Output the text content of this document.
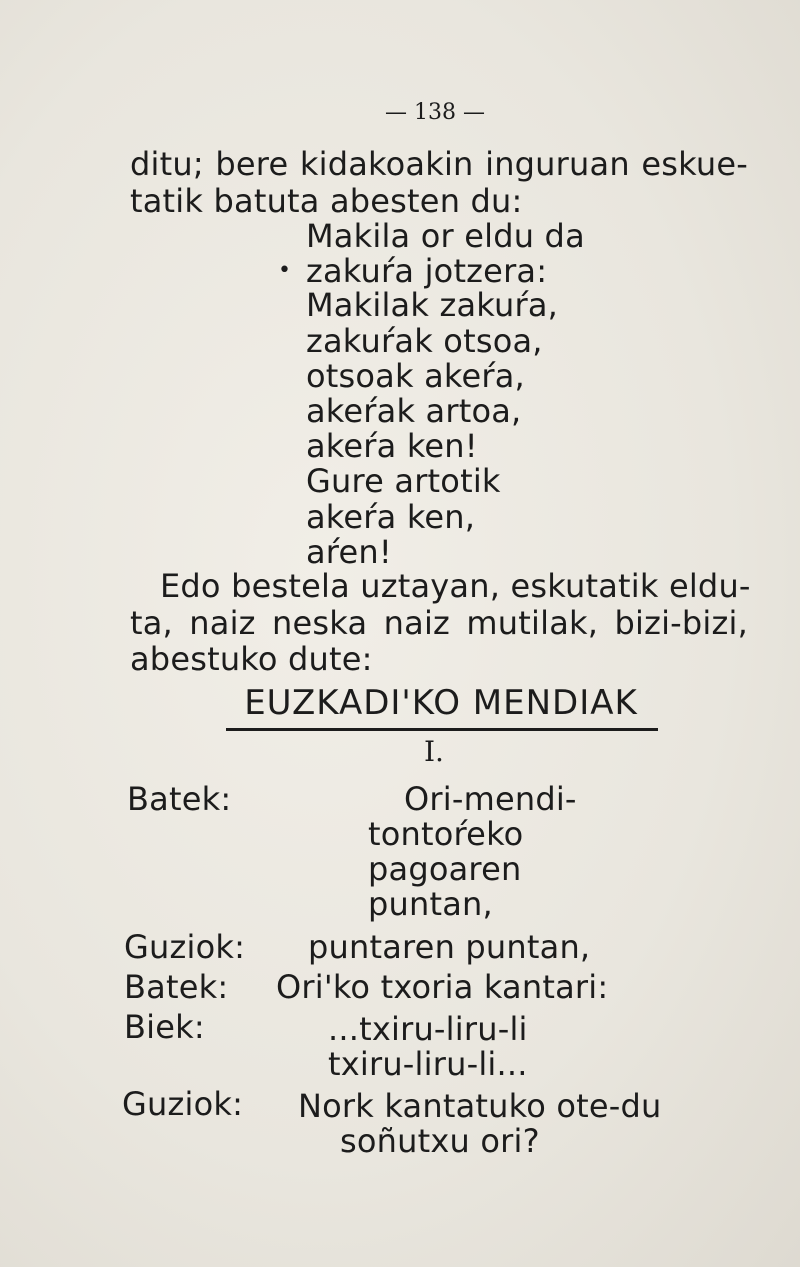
— 138 —
ditu; bere kidakoakin inguruan eskue-
tatik batuta abesten du:
•
Makila or eldu da
zakuŕa jotzera:
Makilak zakuŕa,
zakuŕak otsoa,
otsoak akeŕa,
akeŕak artoa,
akeŕa ken!
Gure artotik
akeŕa ken,
aŕen!
Edo bestela uztayan, eskutatik eldu-
ta, naiz neska naiz mutilak, bizi-bizi,
abestuko dute:
EUZKADI'KO MENDIAK
I.
Batek:	Ori-mendi-
tontoŕeko
pagoaren
puntan,
Guziok: puntaren puntan,
Batek: Ori'ko txoria kantari:
Biek:	...txiru-liru-li
txiru-liru-li...
Guziok: Nork kantatuko ote-du
soñutxu ori?
